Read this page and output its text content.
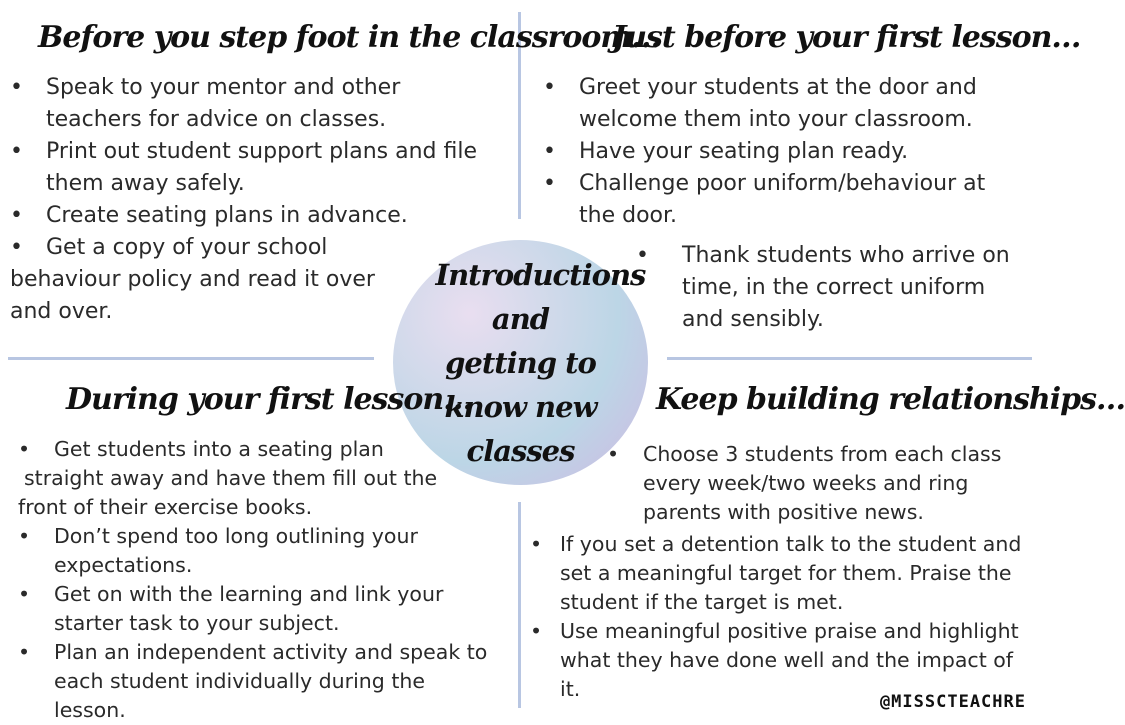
Before you step foot in the classroom…
• Speak to your mentor and other teachers for advice on classes.
• Print out student support plans and file them away safely.
• Create seating plans in advance.
• Get a copy of your school
behaviour policy and read it over and over.
Just before your first lesson…
• Greet your students at the door and welcome them into your classroom.
• Have your seating plan ready.
• Challenge poor uniform/behaviour at the door.
• Thank students who arrive on time, in the correct uniform and sensibly.
Introductions and getting to know new classes
During your first lesson…
• Get students into a seating plan
straight away and have them fill out the front of their exercise books.
• Don’t spend too long outlining your expectations.
• Get on with the learning and link your starter task to your subject.
• Plan an independent activity and speak to each student individually during the lesson.
Keep building relationships…
• Choose 3 students from each class every week/two weeks and ring parents with positive news.
• If you set a detention talk to the student and set a meaningful target for them. Praise the student if the target is met.
• Use meaningful positive praise and highlight what they have done well and the impact of it.
@MISSCTEACHRE
